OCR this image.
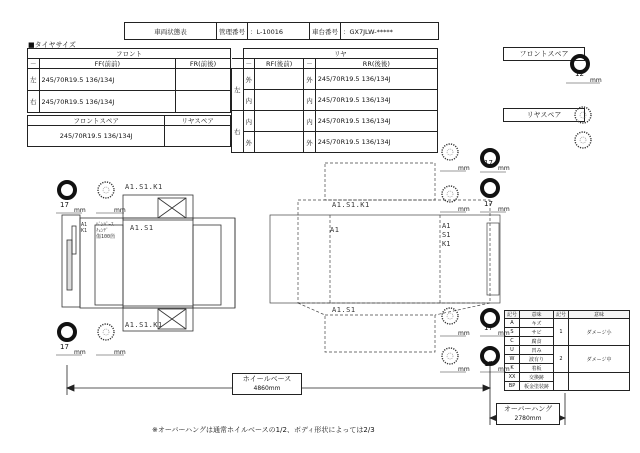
車両状態表	管理番号	：L-10016	車台番号	：GX7JLW-*****
■タイヤサイズ
フロント		
－	FF(前前)	FR(前後)
左	245/70R19.5 136/134J	
右	245/70R19.5 136/134J	
フロントスペア	リヤスペア
245/70R19.5 136/134J	
	リヤ			
	－	RF(後前)	－	RR(後後)
左	外		外	245/70R19.5 136/134J
	内		内	245/70R19.5 136/134J
右	内		内	245/70R19.5 136/134J
	外		外	245/70R19.5 136/134J
フロントスペア
リヤスペア
12
mm
17
mm	mm
17
mm	mm
mm
17
mm
mm
17
mm
mm
17
mm
mm
17
mm
A1.S1.K1
A1.S1
A1.S1.K1
A1
K1
ﾊﾞﾝﾊﾟｰｽ
ﾁｪﾝﾃﾞ
傷100箇
A1.S1.K1
A1	A1
S1
K1
A1.S1
記号	意味	記号	意味
A	キズ	1	ダメージ小
S	サビ		
C	腐食		
U	凹み	2	ダメージ中
W	波有り		
K	着板		
XX	交換跡		
BP	板金塗装跡		
ホイールベース
4860mm
オーバーハング
2780mm
※オーバーハングは通常ホイルベースの1/2、ボディ形状によっては2/3
